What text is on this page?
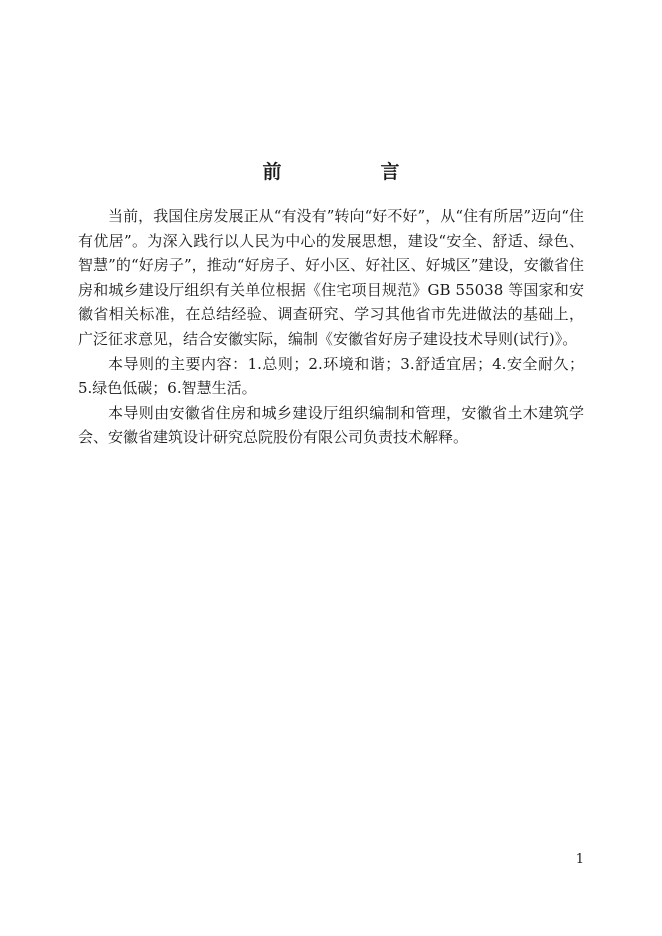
前　言

当前，我国住房发展正从“有没有”转向“好不好”，从“住有所居”迈向“住有优居”。为深入践行以人民为中心的发展思想，建设“安全、舒适、绿色、智慧”的“好房子”，推动“好房子、好小区、好社区、好城区”建设，安徽省住房和城乡建设厅组织有关单位根据《住宅项目规范》GB 55038 等国家和安徽省相关标准，在总结经验、调查研究、学习其他省市先进做法的基础上，广泛征求意见，结合安徽实际，编制《安徽省好房子建设技术导则(试行)》。

本导则的主要内容：1.总则；2.环境和谐；3.舒适宜居；4.安全耐久；5.绿色低碳；6.智慧生活。

本导则由安徽省住房和城乡建设厅组织编制和管理，安徽省土木建筑学会、安徽省建筑设计研究总院股份有限公司负责技术解释。

1
